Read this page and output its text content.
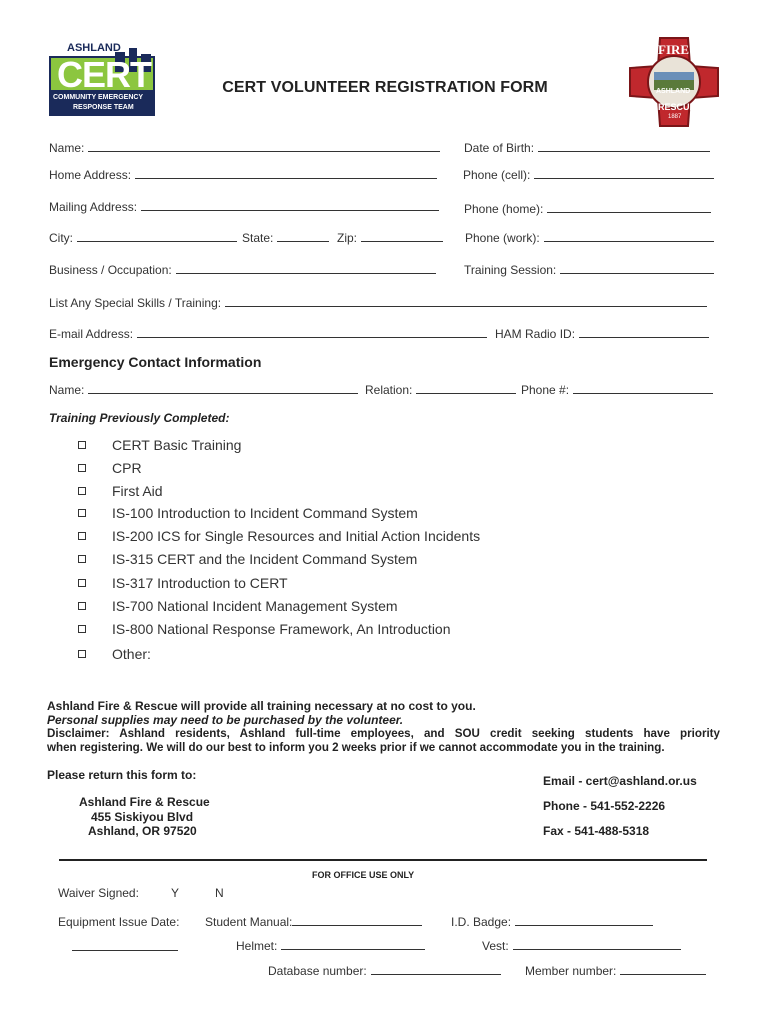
ASHLAND
CERT
COMMUNITY EMERGENCY
RESPONSE TEAM
FIRE
ASHLAND
RESCUE
1887
CERT VOLUNTEER REGISTRATION FORM
Name:	Date of Birth:
Home Address:	Phone (cell):
Mailing Address:	Phone (home):
City:	State:	Zip:	Phone (work):
Business / Occupation:	Training Session:
List Any Special Skills / Training:
E-mail Address:	HAM Radio ID:
Emergency Contact Information
Name:	Relation:	Phone #:
Training Previously Completed:
CERT Basic Training
CPR
First Aid
IS-100 Introduction to Incident Command System
IS-200 ICS for Single Resources and Initial Action Incidents
IS-315 CERT and the Incident Command System
IS-317 Introduction to CERT
IS-700 National Incident Management System
IS-800 National Response Framework, An Introduction
Other:
Ashland Fire & Rescue will provide all training necessary at no cost to you.
Personal supplies may need to be purchased by the volunteer.
Disclaimer: Ashland residents, Ashland full-time employees, and SOU credit seeking students have priority
when registering. We will do our best to inform you 2 weeks prior if we cannot accommodate you in the training.
Please return this form to:
Ashland Fire & Rescue
455 Siskiyou Blvd
Ashland, OR 97520
Email - cert@ashland.or.us
Phone - 541-552-2226
Fax - 541-488-5318
FOR OFFICE USE ONLY
Waiver Signed:	Y	N
Equipment Issue Date: Student Manual:	I.D. Badge:
Helmet:	Vest:
Database number:	Member number:
